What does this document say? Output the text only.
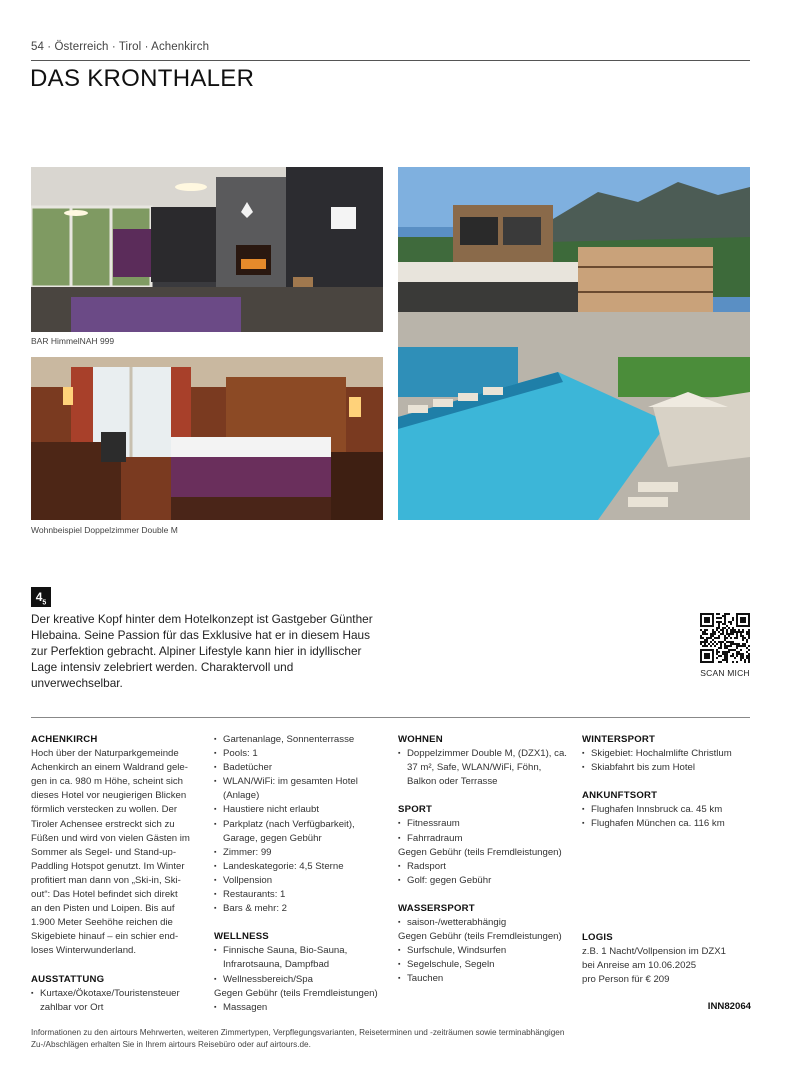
54 · Österreich · Tirol · Achenkirch
DAS KRONTHALER
BAR HimmelNAH 999
Wohnbeispiel Doppelzimmer Double M
$4_5$

Der kreative Kopf hinter dem Hotelkonzept ist Gastgeber Günther Hlebaina. Seine Passion für das Exklusive hat er in diesem Haus zur Perfektion gebracht. Alpiner Lifestyle kann hier in idyllischer Lage intensiv zelebriert werden. Charaktervoll und unverwechselbar.

SCAN MICH
ACHENKIRCH
Hoch über der Naturparkgemeinde
Achenkirch an einem Waldrand gele-
gen in ca. 980 m Höhe, scheint sich
dieses Hotel vor neugierigen Blicken
förmlich verstecken zu wollen. Der
Tiroler Achensee erstreckt sich zu
Füßen und wird von vielen Gästen im
Sommer als Segel- und Stand-up-
Paddling Hotspot genutzt. Im Winter
profitiert man dann von „Ski-in, Ski-
out“: Das Hotel befindet sich direkt
an den Pisten und Loipen. Bis auf
1.900 Meter Seehöhe reichen die
Skigebiete hinauf – ein schier end-
loses Winterwunderland.
AUSSTATTUNG
▪ Kurtaxe/Ökotaxe/Touristensteuer zahlbar vor Ort
▪ Gartenanlage, Sonnenterrasse
▪ Pools: 1
▪ Badetücher
▪ WLAN/WiFi: im gesamten Hotel (Anlage)
▪ Haustiere nicht erlaubt
▪ Parkplatz (nach Verfügbarkeit), Garage, gegen Gebühr
▪ Zimmer: 99
▪ Landeskategorie: 4,5 Sterne
▪ Vollpension
▪ Restaurants: 1
▪ Bars & mehr: 2
WELLNESS
▪ Finnische Sauna, Bio-Sauna, Infrarotsauna, Dampfbad
▪ Wellnessbereich/Spa

Gegen Gebühr (teils Fremdleistungen)

▪ Massagen
WOHNEN
▪ Doppelzimmer Double M, (DZX1), ca. 37 m², Safe, WLAN/WiFi, Föhn, Balkon oder Terrasse
SPORT
▪ Fitnessraum
▪ Fahrradraum

Gegen Gebühr (teils Fremdleistungen)

▪ Radsport
▪ Golf: gegen Gebühr
WASSERSPORT
▪ saison-/wetterabhängig

Gegen Gebühr (teils Fremdleistungen)

▪ Surfschule, Windsurfen
▪ Segelschule, Segeln
▪ Tauchen
WINTERSPORT
▪ Skigebiet: Hochalmlifte Christlum
▪ Skiabfahrt bis zum Hotel
ANKUNFTSORT
▪ Flughafen Innsbruck ca. 45 km
▪ Flughafen München ca. 116 km
LOGIS
z.B. 1 Nacht/Vollpension im DZX1
bei Anreise am 10.06.2025
pro Person für € 209
INN82064

Informationen zu den airtours Mehrwerten, weiteren Zimmertypen, Verpflegungsvarianten, Reiseterminen und -zeiträumen sowie terminabhängigen Zu-/Abschlägen erhalten Sie in Ihrem airtours Reisebüro oder auf airtours.de.
